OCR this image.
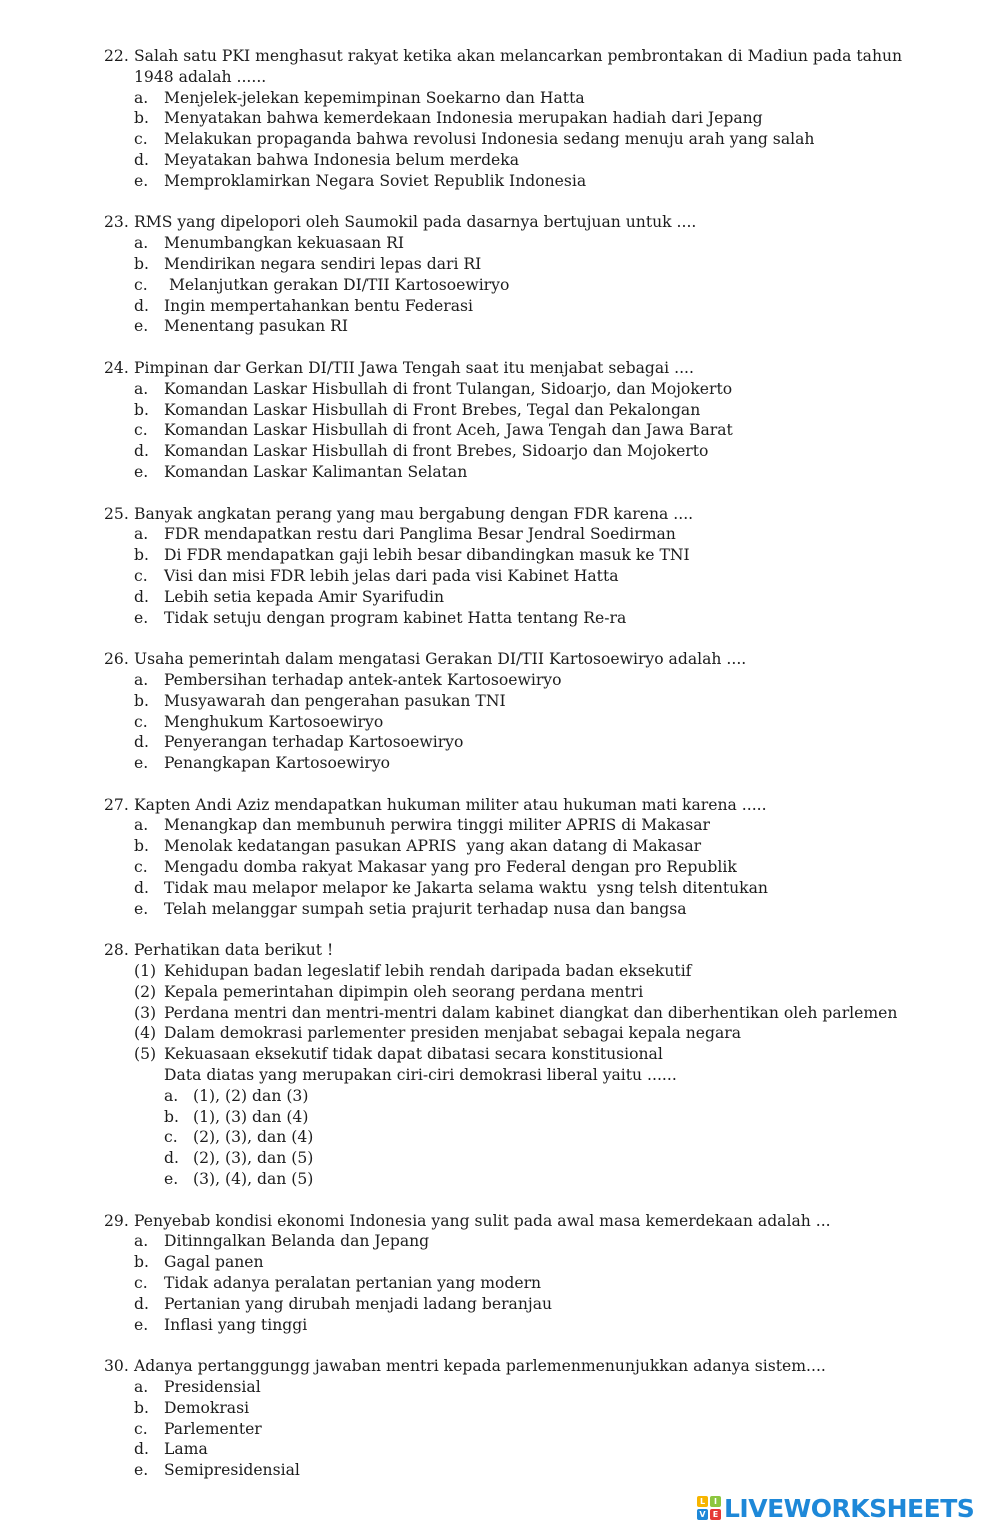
22. Salah satu PKI menghasut rakyat ketika akan melancarkan pembrontakan di Madiun pada tahun 1948 adalah ......
a. Menjelek-jelekan kepemimpinan Soekarno dan Hatta
b. Menyatakan bahwa kemerdekaan Indonesia merupakan hadiah dari Jepang
c. Melakukan propaganda bahwa revolusi Indonesia sedang menuju arah yang salah
d. Meyatakan bahwa Indonesia belum merdeka
e. Memproklamirkan Negara Soviet Republik Indonesia
23. RMS yang dipelopori oleh Saumokil pada dasarnya bertujuan untuk ....
a. Menumbangkan kekuasaan RI
b. Mendirikan negara sendiri lepas dari RI
c. Melanjutkan gerakan DI/TII Kartosoewiryo
d. Ingin mempertahankan bentu Federasi
e. Menentang pasukan RI
24. Pimpinan dar Gerkan DI/TII Jawa Tengah saat itu menjabat sebagai ....
a. Komandan Laskar Hisbullah di front Tulangan, Sidoarjo, dan Mojokerto
b. Komandan Laskar Hisbullah di Front Brebes, Tegal dan Pekalongan
c. Komandan Laskar Hisbullah di front Aceh, Jawa Tengah dan Jawa Barat
d. Komandan Laskar Hisbullah di front Brebes, Sidoarjo dan Mojokerto
e. Komandan Laskar Kalimantan Selatan
25. Banyak angkatan perang yang mau bergabung dengan FDR karena ....
a. FDR mendapatkan restu dari Panglima Besar Jendral Soedirman
b. Di FDR mendapatkan gaji lebih besar dibandingkan masuk ke TNI
c. Visi dan misi FDR lebih jelas dari pada visi Kabinet Hatta
d. Lebih setia kepada Amir Syarifudin
e. Tidak setuju dengan program kabinet Hatta tentang Re-ra
26. Usaha pemerintah dalam mengatasi Gerakan DI/TII Kartosoewiryo adalah ....
a. Pembersihan terhadap antek-antek Kartosoewiryo
b. Musyawarah dan pengerahan pasukan TNI
c. Menghukum Kartosoewiryo
d. Penyerangan terhadap Kartosoewiryo
e. Penangkapan Kartosoewiryo
27. Kapten Andi Aziz mendapatkan hukuman militer atau hukuman mati karena .....
a. Menangkap dan membunuh perwira tinggi militer APRIS di Makasar
b. Menolak kedatangan pasukan APRIS  yang akan datang di Makasar
c. Mengadu domba rakyat Makasar yang pro Federal dengan pro Republik
d. Tidak mau melapor melapor ke Jakarta selama waktu  ysng telsh ditentukan
e. Telah melanggar sumpah setia prajurit terhadap nusa dan bangsa
28. Perhatikan data berikut !
(1) Kehidupan badan legeslatif lebih rendah daripada badan eksekutif
(2) Kepala pemerintahan dipimpin oleh seorang perdana mentri
(3) Perdana mentri dan mentri-mentri dalam kabinet diangkat dan diberhentikan oleh parlemen
(4) Dalam demokrasi parlementer presiden menjabat sebagai kepala negara
(5) Kekuasaan eksekutif tidak dapat dibatasi secara konstitusional
Data diatas yang merupakan ciri-ciri demokrasi liberal yaitu ......
a. (1), (2) dan (3)
b. (1), (3) dan (4)
c. (2), (3), dan (4)
d. (2), (3), dan (5)
e. (3), (4), dan (5)
29. Penyebab kondisi ekonomi Indonesia yang sulit pada awal masa kemerdekaan adalah ...
a. Ditinngalkan Belanda dan Jepang
b. Gagal panen
c. Tidak adanya peralatan pertanian yang modern
d. Pertanian yang dirubah menjadi ladang beranjau
e. Inflasi yang tinggi
30. Adanya pertanggungg jawaban mentri kepada parlemenmenunjukkan adanya sistem....
a. Presidensial
b. Demokrasi
c. Parlementer
d. Lama
e. Semipresidensial
L	I
V E LIVEWORKSHEETS
